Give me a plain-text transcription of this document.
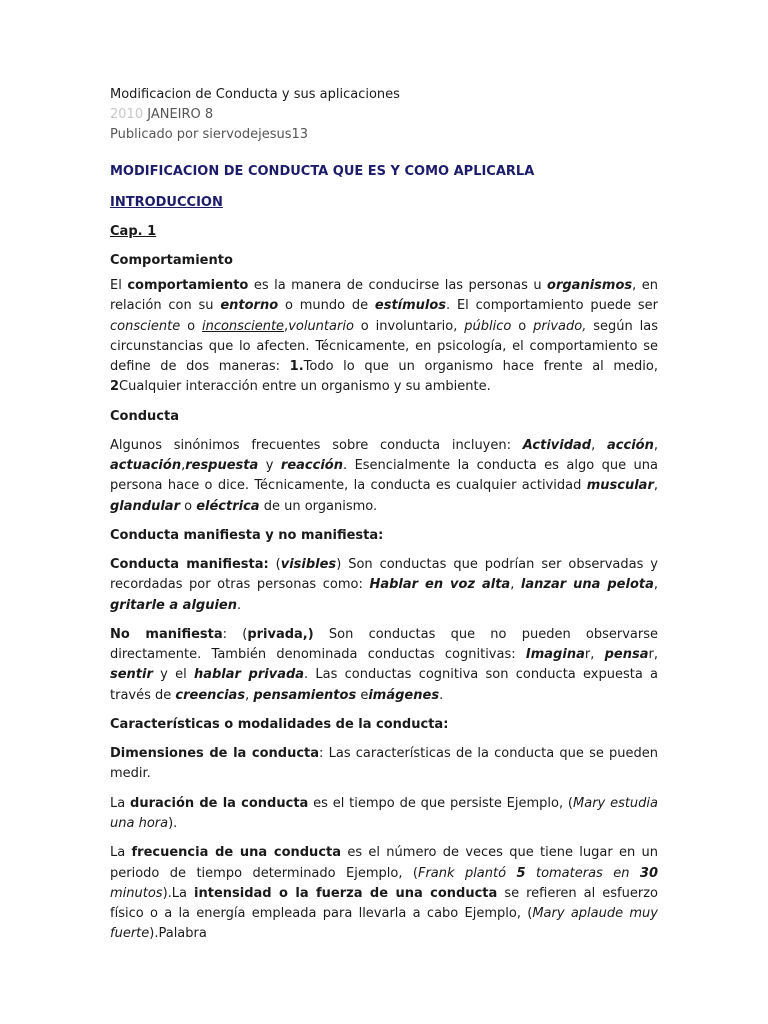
Modificacion de Conducta y sus aplicaciones
2010 JANEIRO 8
Publicado por siervodejesus13
MODIFICACION DE CONDUCTA QUE ES Y COMO APLICARLA
INTRODUCCION
Cap. 1
Comportamiento

El comportamiento es la manera de conducirse las personas u organismos, en relación con su entorno o mundo de estímulos. El comportamiento puede ser consciente o inconsciente,voluntario o involuntario, público o privado, según las circunstancias que lo afecten. Técnicamente, en psicología, el comportamiento se define de dos maneras: 1.Todo lo que un organismo hace frente al medio, 2Cualquier interacción entre un organismo y su ambiente.

Conducta

Algunos sinónimos frecuentes sobre conducta incluyen: Actividad, acción, actuación,respuesta y reacción. Esencialmente la conducta es algo que una persona hace o dice. Técnicamente, la conducta es cualquier actividad muscular, glandular o eléctrica de un organismo.

Conducta manifiesta y no manifiesta:

Conducta manifiesta: (visibles) Son conductas que podrían ser observadas y recordadas por otras personas como: Hablar en voz alta, lanzar una pelota, gritarle a alguien.

No manifiesta: (privada,) Son conductas que no pueden observarse directamente. También denominada conductas cognitivas: Imaginar, pensar, sentir y el hablar privada. Las conductas cognitiva son conducta expuesta a través de creencias, pensamientos eimágenes.

Características o modalidades de la conducta:

Dimensiones de la conducta: Las características de la conducta que se pueden medir.

La duración de la conducta es el tiempo de que persiste Ejemplo, (Mary estudia una hora).

La frecuencia de una conducta es el número de veces que tiene lugar en un periodo de tiempo determinado Ejemplo, (Frank plantó 5 tomateras en 30 minutos).La intensidad o la fuerza de una conducta se refieren al esfuerzo físico o a la energía empleada para llevarla a cabo Ejemplo, (Mary aplaude muy fuerte).Palabra
